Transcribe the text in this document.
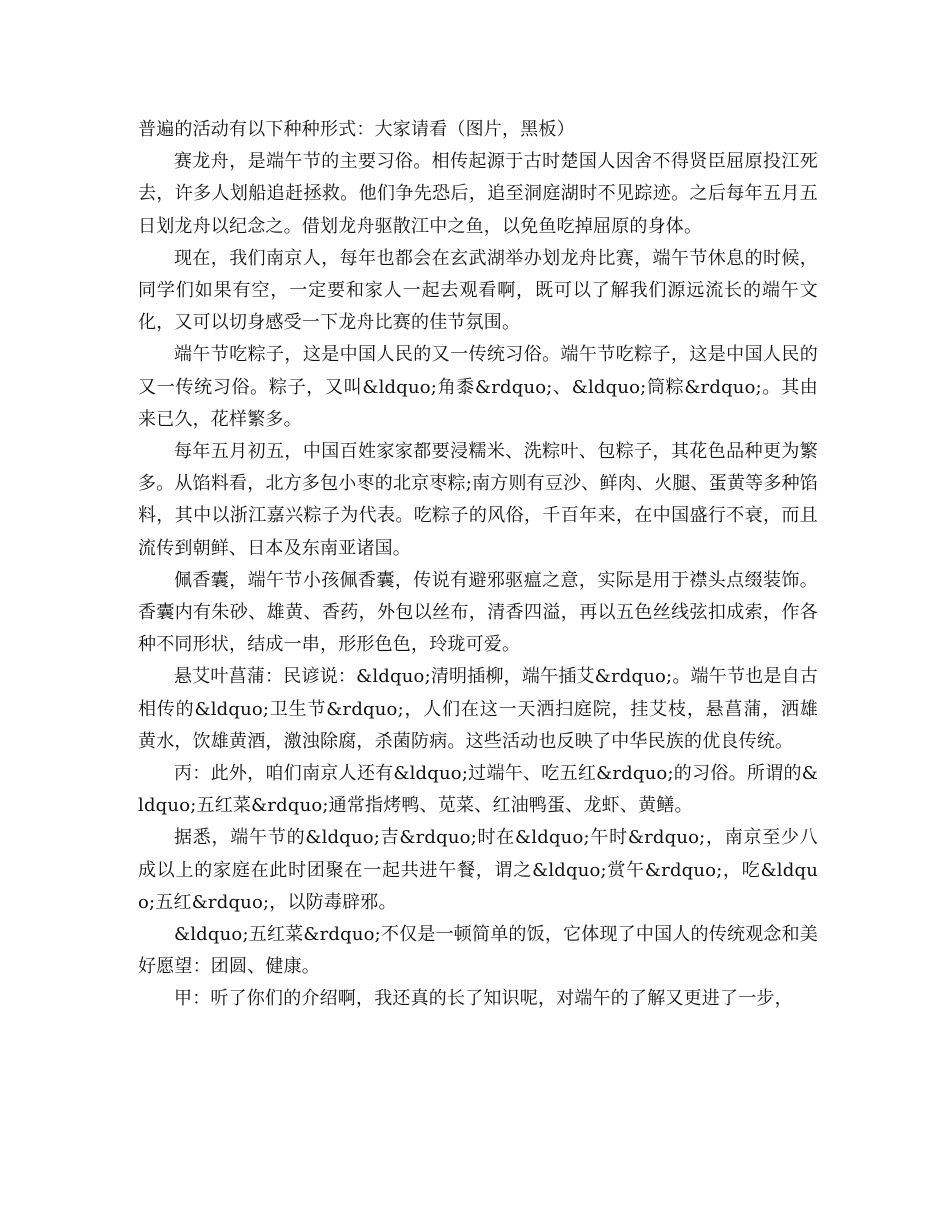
普遍的活动有以下种种形式：大家请看（图片，黑板）

赛龙舟，是端午节的主要习俗。相传起源于古时楚国人因舍不得贤臣屈原投江死去，许多人划船追赶拯救。他们争先恐后，追至洞庭湖时不见踪迹。之后每年五月五日划龙舟以纪念之。借划龙舟驱散江中之鱼，以免鱼吃掉屈原的身体。

现在，我们南京人，每年也都会在玄武湖举办划龙舟比赛，端午节休息的时候，同学们如果有空，一定要和家人一起去观看啊，既可以了解我们源远流长的端午文化，又可以切身感受一下龙舟比赛的佳节氛围。

端午节吃粽子，这是中国人民的又一传统习俗。端午节吃粽子，这是中国人民的又一传统习俗。粽子，又叫&ldquo;角黍&rdquo;、&ldquo;筒粽&rdquo;。其由来已久，花样繁多。

每年五月初五，中国百姓家家都要浸糯米、洗粽叶、包粽子，其花色品种更为繁多。从馅料看，北方多包小枣的北京枣粽;南方则有豆沙、鲜肉、火腿、蛋黄等多种馅料，其中以浙江嘉兴粽子为代表。吃粽子的风俗，千百年来，在中国盛行不衰，而且流传到朝鲜、日本及东南亚诸国。

佩香囊，端午节小孩佩香囊，传说有避邪驱瘟之意，实际是用于襟头点缀装饰。香囊内有朱砂、雄黄、香药，外包以丝布，清香四溢，再以五色丝线弦扣成索，作各种不同形状，结成一串，形形色色，玲珑可爱。

悬艾叶菖蒲：民谚说：&ldquo;清明插柳，端午插艾&rdquo;。端午节也是自古相传的&ldquo;卫生节&rdquo;，人们在这一天洒扫庭院，挂艾枝，悬菖蒲，洒雄黄水，饮雄黄酒，激浊除腐，杀菌防病。这些活动也反映了中华民族的优良传统。

丙：此外，咱们南京人还有&ldquo;过端午、吃五红&rdquo;的习俗。所谓的&ldquo;五红菜&rdquo;通常指烤鸭、苋菜、红油鸭蛋、龙虾、黄鳝。

据悉，端午节的&ldquo;吉&rdquo;时在&ldquo;午时&rdquo;，南京至少八成以上的家庭在此时团聚在一起共进午餐，谓之&ldquo;赏午&rdquo;，吃&ldquo;五红&rdquo;，以防毒辟邪。

&ldquo;五红菜&rdquo;不仅是一顿简单的饭，它体现了中国人的传统观念和美好愿望：团圆、健康。

甲：听了你们的介绍啊，我还真的长了知识呢，对端午的了解又更进了一步，
